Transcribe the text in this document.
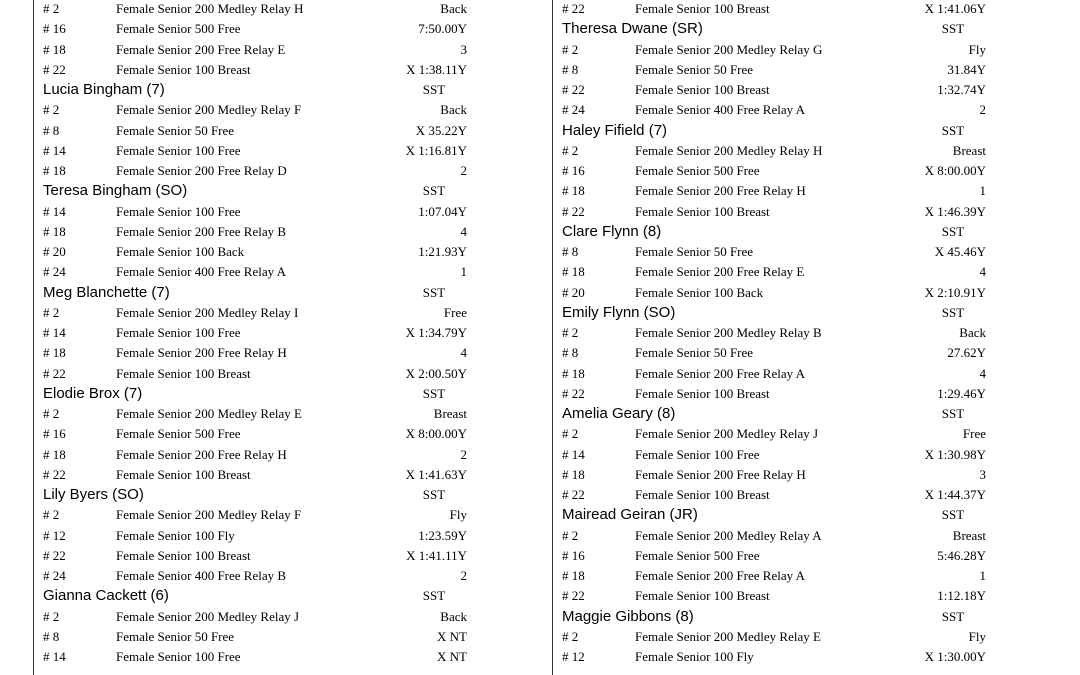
# 2	Female Senior 200 Medley Relay H	Back
# 16	Female Senior 500 Free	7:50.00Y
# 18	Female Senior 200 Free Relay E	3
# 22	Female Senior 100 Breast	X 1:38.11Y
Lucia Bingham (7)	SST
# 2	Female Senior 200 Medley Relay F	Back
# 8	Female Senior 50 Free	X 35.22Y
# 14	Female Senior 100 Free	X 1:16.81Y
# 18	Female Senior 200 Free Relay D	2
Teresa Bingham (SO)	SST
# 14	Female Senior 100 Free	1:07.04Y
# 18	Female Senior 200 Free Relay B	4
# 20	Female Senior 100 Back	1:21.93Y
# 24	Female Senior 400 Free Relay A	1
Meg Blanchette (7)	SST
# 2	Female Senior 200 Medley Relay I	Free
# 14	Female Senior 100 Free	X 1:34.79Y
# 18	Female Senior 200 Free Relay H	4
# 22	Female Senior 100 Breast	X 2:00.50Y
Elodie Brox (7)	SST
# 2	Female Senior 200 Medley Relay E	Breast
# 16	Female Senior 500 Free	X 8:00.00Y
# 18	Female Senior 200 Free Relay H	2
# 22	Female Senior 100 Breast	X 1:41.63Y
Lily Byers (SO)	SST
# 2	Female Senior 200 Medley Relay F	Fly
# 12	Female Senior 100 Fly	1:23.59Y
# 22	Female Senior 100 Breast	X 1:41.11Y
# 24	Female Senior 400 Free Relay B	2
Gianna Cackett (6)	SST
# 2	Female Senior 200 Medley Relay J	Back
# 8	Female Senior 50 Free	X NT
# 14	Female Senior 100 Free	X NT
# 22	Female Senior 100 Breast	X 1:41.06Y
Theresa Dwane (SR)	SST
# 2	Female Senior 200 Medley Relay G	Fly
# 8	Female Senior 50 Free	31.84Y
# 22	Female Senior 100 Breast	1:32.74Y
# 24	Female Senior 400 Free Relay A	2
Haley Fifield (7)	SST
# 2	Female Senior 200 Medley Relay H	Breast
# 16	Female Senior 500 Free	X 8:00.00Y
# 18	Female Senior 200 Free Relay H	1
# 22	Female Senior 100 Breast	X 1:46.39Y
Clare Flynn (8)	SST
# 8	Female Senior 50 Free	X 45.46Y
# 18	Female Senior 200 Free Relay E	4
# 20	Female Senior 100 Back	X 2:10.91Y
Emily Flynn (SO)	SST
# 2	Female Senior 200 Medley Relay B	Back
# 8	Female Senior 50 Free	27.62Y
# 18	Female Senior 200 Free Relay A	4
# 22	Female Senior 100 Breast	1:29.46Y
Amelia Geary (8)	SST
# 2	Female Senior 200 Medley Relay J	Free
# 14	Female Senior 100 Free	X 1:30.98Y
# 18	Female Senior 200 Free Relay H	3
# 22	Female Senior 100 Breast	X 1:44.37Y
Mairead Geiran (JR)	SST
# 2	Female Senior 200 Medley Relay A	Breast
# 16	Female Senior 500 Free	5:46.28Y
# 18	Female Senior 200 Free Relay A	1
# 22	Female Senior 100 Breast	1:12.18Y
Maggie Gibbons (8)	SST
# 2	Female Senior 200 Medley Relay E	Fly
# 12	Female Senior 100 Fly	X 1:30.00Y
